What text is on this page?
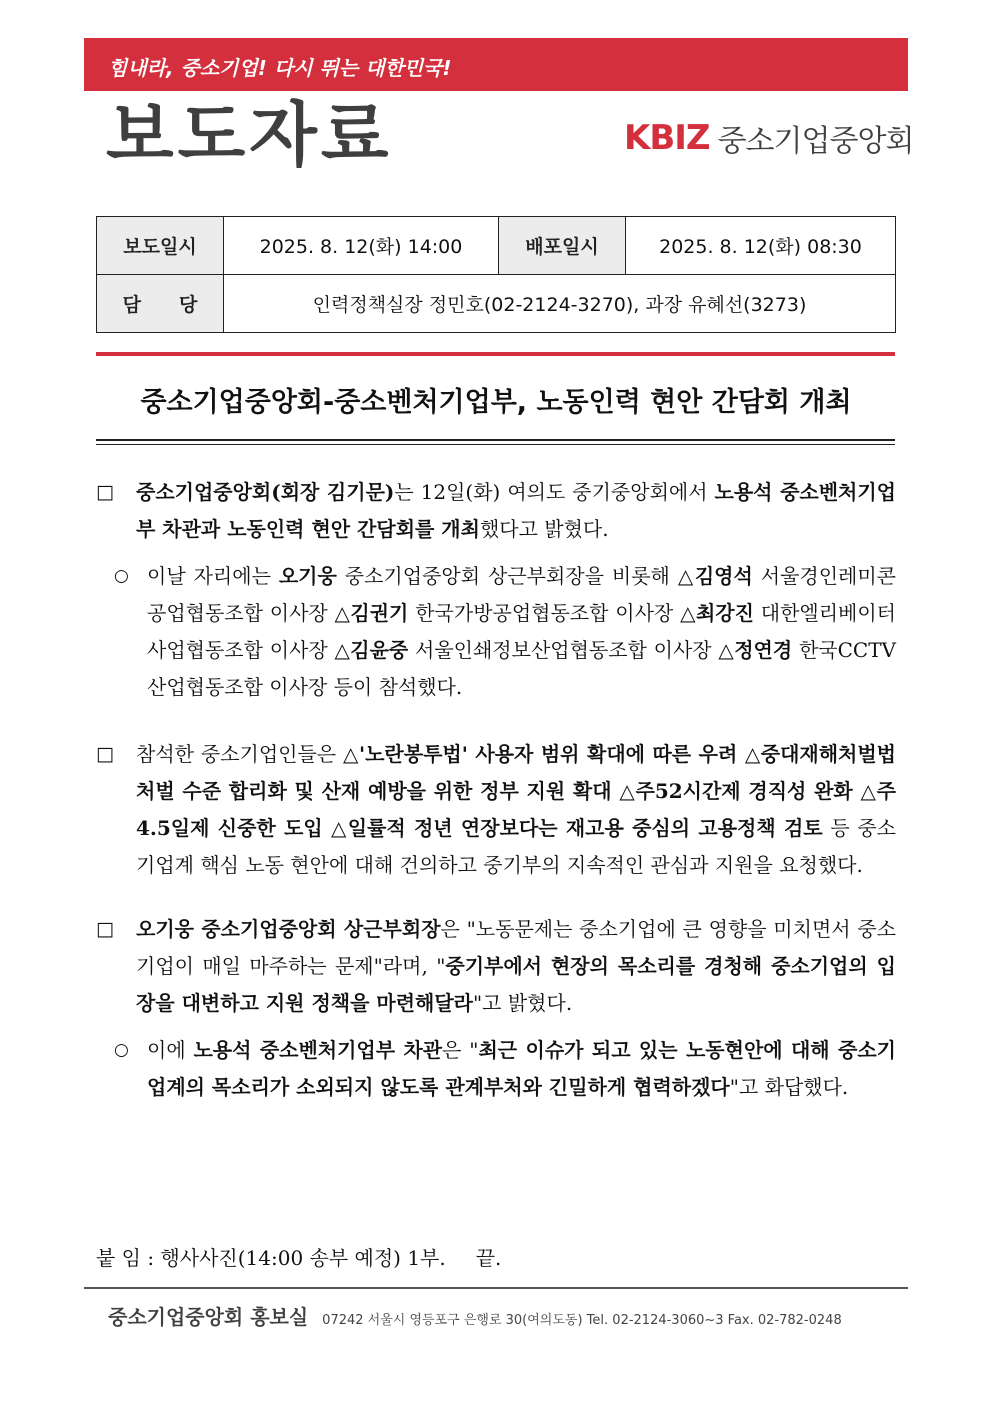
힘내라, 중소기업! 다시 뛰는 대한민국!
보도자료	KBIZ 중소기업중앙회
보도일시	2025. 8. 12(화) 14:00	배포일시	2025. 8. 12(화) 08:30
담　　당	인력정책실장 정민호(02-2124-3270), 과장 유혜선(3273)		
중소기업중앙회-중소벤처기업부, 노동인력 현안 간담회 개최
□ 중소기업중앙회(회장 김기문)는 12일(화) 여의도 중기중앙회에서 노용석 중소벤처기업부 차관과 노동인력 현안 간담회를 개최했다고 밝혔다.
○ 이날 자리에는 오기웅 중소기업중앙회 상근부회장을 비롯해 △김영석 서울경인레미콘공업협동조합 이사장 △김권기 한국가방공업협동조합 이사장 △최강진 대한엘리베이터사업협동조합 이사장 △김윤중 서울인쇄정보산업협동조합 이사장 △정연경 한국CCTV산업협동조합 이사장 등이 참석했다.
□ 참석한 중소기업인들은 △'노란봉투법' 사용자 범위 확대에 따른 우려 △중대재해처벌법 처벌 수준 합리화 및 산재 예방을 위한 정부 지원 확대 △주52시간제 경직성 완화 △주4.5일제 신중한 도입 △일률적 정년 연장보다는 재고용 중심의 고용정책 검토 등 중소기업계 핵심 노동 현안에 대해 건의하고 중기부의 지속적인 관심과 지원을 요청했다.
□ 오기웅 중소기업중앙회 상근부회장은 "노동문제는 중소기업에 큰 영향을 미치면서 중소기업이 매일 마주하는 문제"라며, "중기부에서 현장의 목소리를 경청해 중소기업의 입장을 대변하고 지원 정책을 마련해달라"고 밝혔다.
○ 이에 노용석 중소벤처기업부 차관은 "최근 이슈가 되고 있는 노동현안에 대해 중소기업계의 목소리가 소외되지 않도록 관계부처와 긴밀하게 협력하겠다"고 화답했다.
붙 임 : 행사사진(14:00 송부 예정) 1부. 끝.
중소기업중앙회 홍보실 07242 서울시 영등포구 은행로 30(여의도동) Tel. 02-2124-3060~3 Fax. 02-782-0248
